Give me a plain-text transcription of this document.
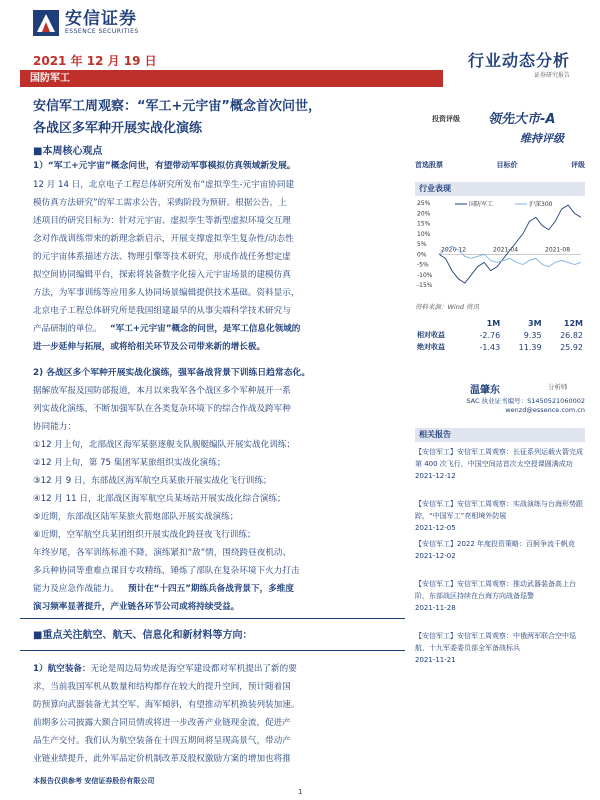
安信证券
ESSENCE SECURITIES
2021 年 12 月 19 日	行业动态分析
证券研究报告
国防军工
安信军工周观察：“军工+元宇宙”概念首次问世，
各战区多军种开展实战化演练
投资评级 领先大市-A
维持评级
■本周核心观点
1）“军工+元宇宙”概念问世，有望带动军事模拟仿真领域新发展。
12 月 14 日，北京电子工程总体研究所发布“虚拟孪生-元宇宙协同建
模仿真方法研究”的军工需求公告，采购阶段为预研。根据公告，上
述项目的研究目标为：针对元宇宙、虚拟孪生等新型虚拟环境交互理
念对作战训练带来的新理念新启示，开展支撑虚拟孪生复杂性/动态性
的元宇宙体系描述方法、物理引擎等技术研究，形成作战任务想定虚
拟空间协同编辑平台，探索将装备数字化接入元宇宙场景的建模仿真
方法，为军事训练等应用多人协同场景编辑提供技术基础。资料显示，
北京电子工程总体研究所是我国组建最早的从事尖端科学技术研究与
产品研制的单位。 “军工+元宇宙”概念的问世，是军工信息化领域的
进一步延伸与拓展，或将给相关环节及公司带来新的增长极。
2) 各战区多个军种开展实战化演练，强军备战背景下训练日趋常态化。
据解放军报及国防部报道，本月以来我军各个战区多个军种展开一系
列实战化演练，不断加强军队在各类复杂环境下的综合作战及跨军种
协同能力：
①12 月上旬，北部战区海军某驱逐舰支队舰艇编队开展实战化训练；
②12 月上旬，第 75 集团军某旅组织实战化演练；
③12 月 9 日，东部战区海军航空兵某旅开展实战化飞行训练；
④12 月 11 日，北部战区海军航空兵某场站开展实战化综合演练；
⑤近期，东部战区陆军某旅火箭炮部队开展实战演练；
⑥近期，空军航空兵某团组织开展实战化跨昼夜飞行训练；
年终岁尾，各军训练标准不降，演练紧扣“敌”情，围绕跨昼夜机动、
多兵种协同等重难点课目专攻精练，锤炼了部队在复杂环境下火力打击
能力及应急作战能力。	预计在“十四五”期练兵备战背景下，多维度
演习频率显著提升，产业链各环节公司或将持续受益。
■重点关注航空、航天、信息化和新材料等方向：
1）航空装备：无论是周边局势或是海空军建设都对军机提出了新的要
求，当前我国军机从数量和结构都存在较大的提升空间，预计随着国
防预算向武器装备尤其空军、海军倾斜，有望推动军机换装列装加速。
前期多公司披露大额合同员情或将进一步改善产业链现金流，促进产
品生产交付。我们认为航空装备在十四五期间将呈现高景气，带动产
业链业绩提升，此外军品定价机制改革及股权激励方案的增加也将推
首选股票	目标价	评级
行业表现
25%
20%
15%
10%
5%
0%
-5%
-10%
-15%
2020-12	2021-04	2021-08
国防军工	沪深300
资料来源：Wind 资讯
	1M	3M	12M
相对收益	-2.76	9.35	26.82
绝对收益	-1.43	11.39	25.92
温肇东	分析师
SAC 执业证书编号：S1450521060002
wenzd@essence.com.cn
相关报告
【安信军工】安信军工周观察：长征系列运载火箭完成第 400 次飞行，中国空间站首次太空授课圆满成功
2021-12-12
【安信军工】安信军工周观察：实战演练与台海形势跟踪，“中国军工”亮相境外防展
2021-12-05
【安信军工】2022 年度投资策略：百舸争流千帆竞
2021-12-02
【安信军工】安信军工周观察：推动武器装备高上台阶，东部战区持续在台海方向战备巡警
2021-11-28
【安信军工】安信军工周观察：中俄两军联合空中巡航，十九军委委员部全军备战标兵
2021-11-21
本报告仅供参考 安信证券股份有限公司
1
